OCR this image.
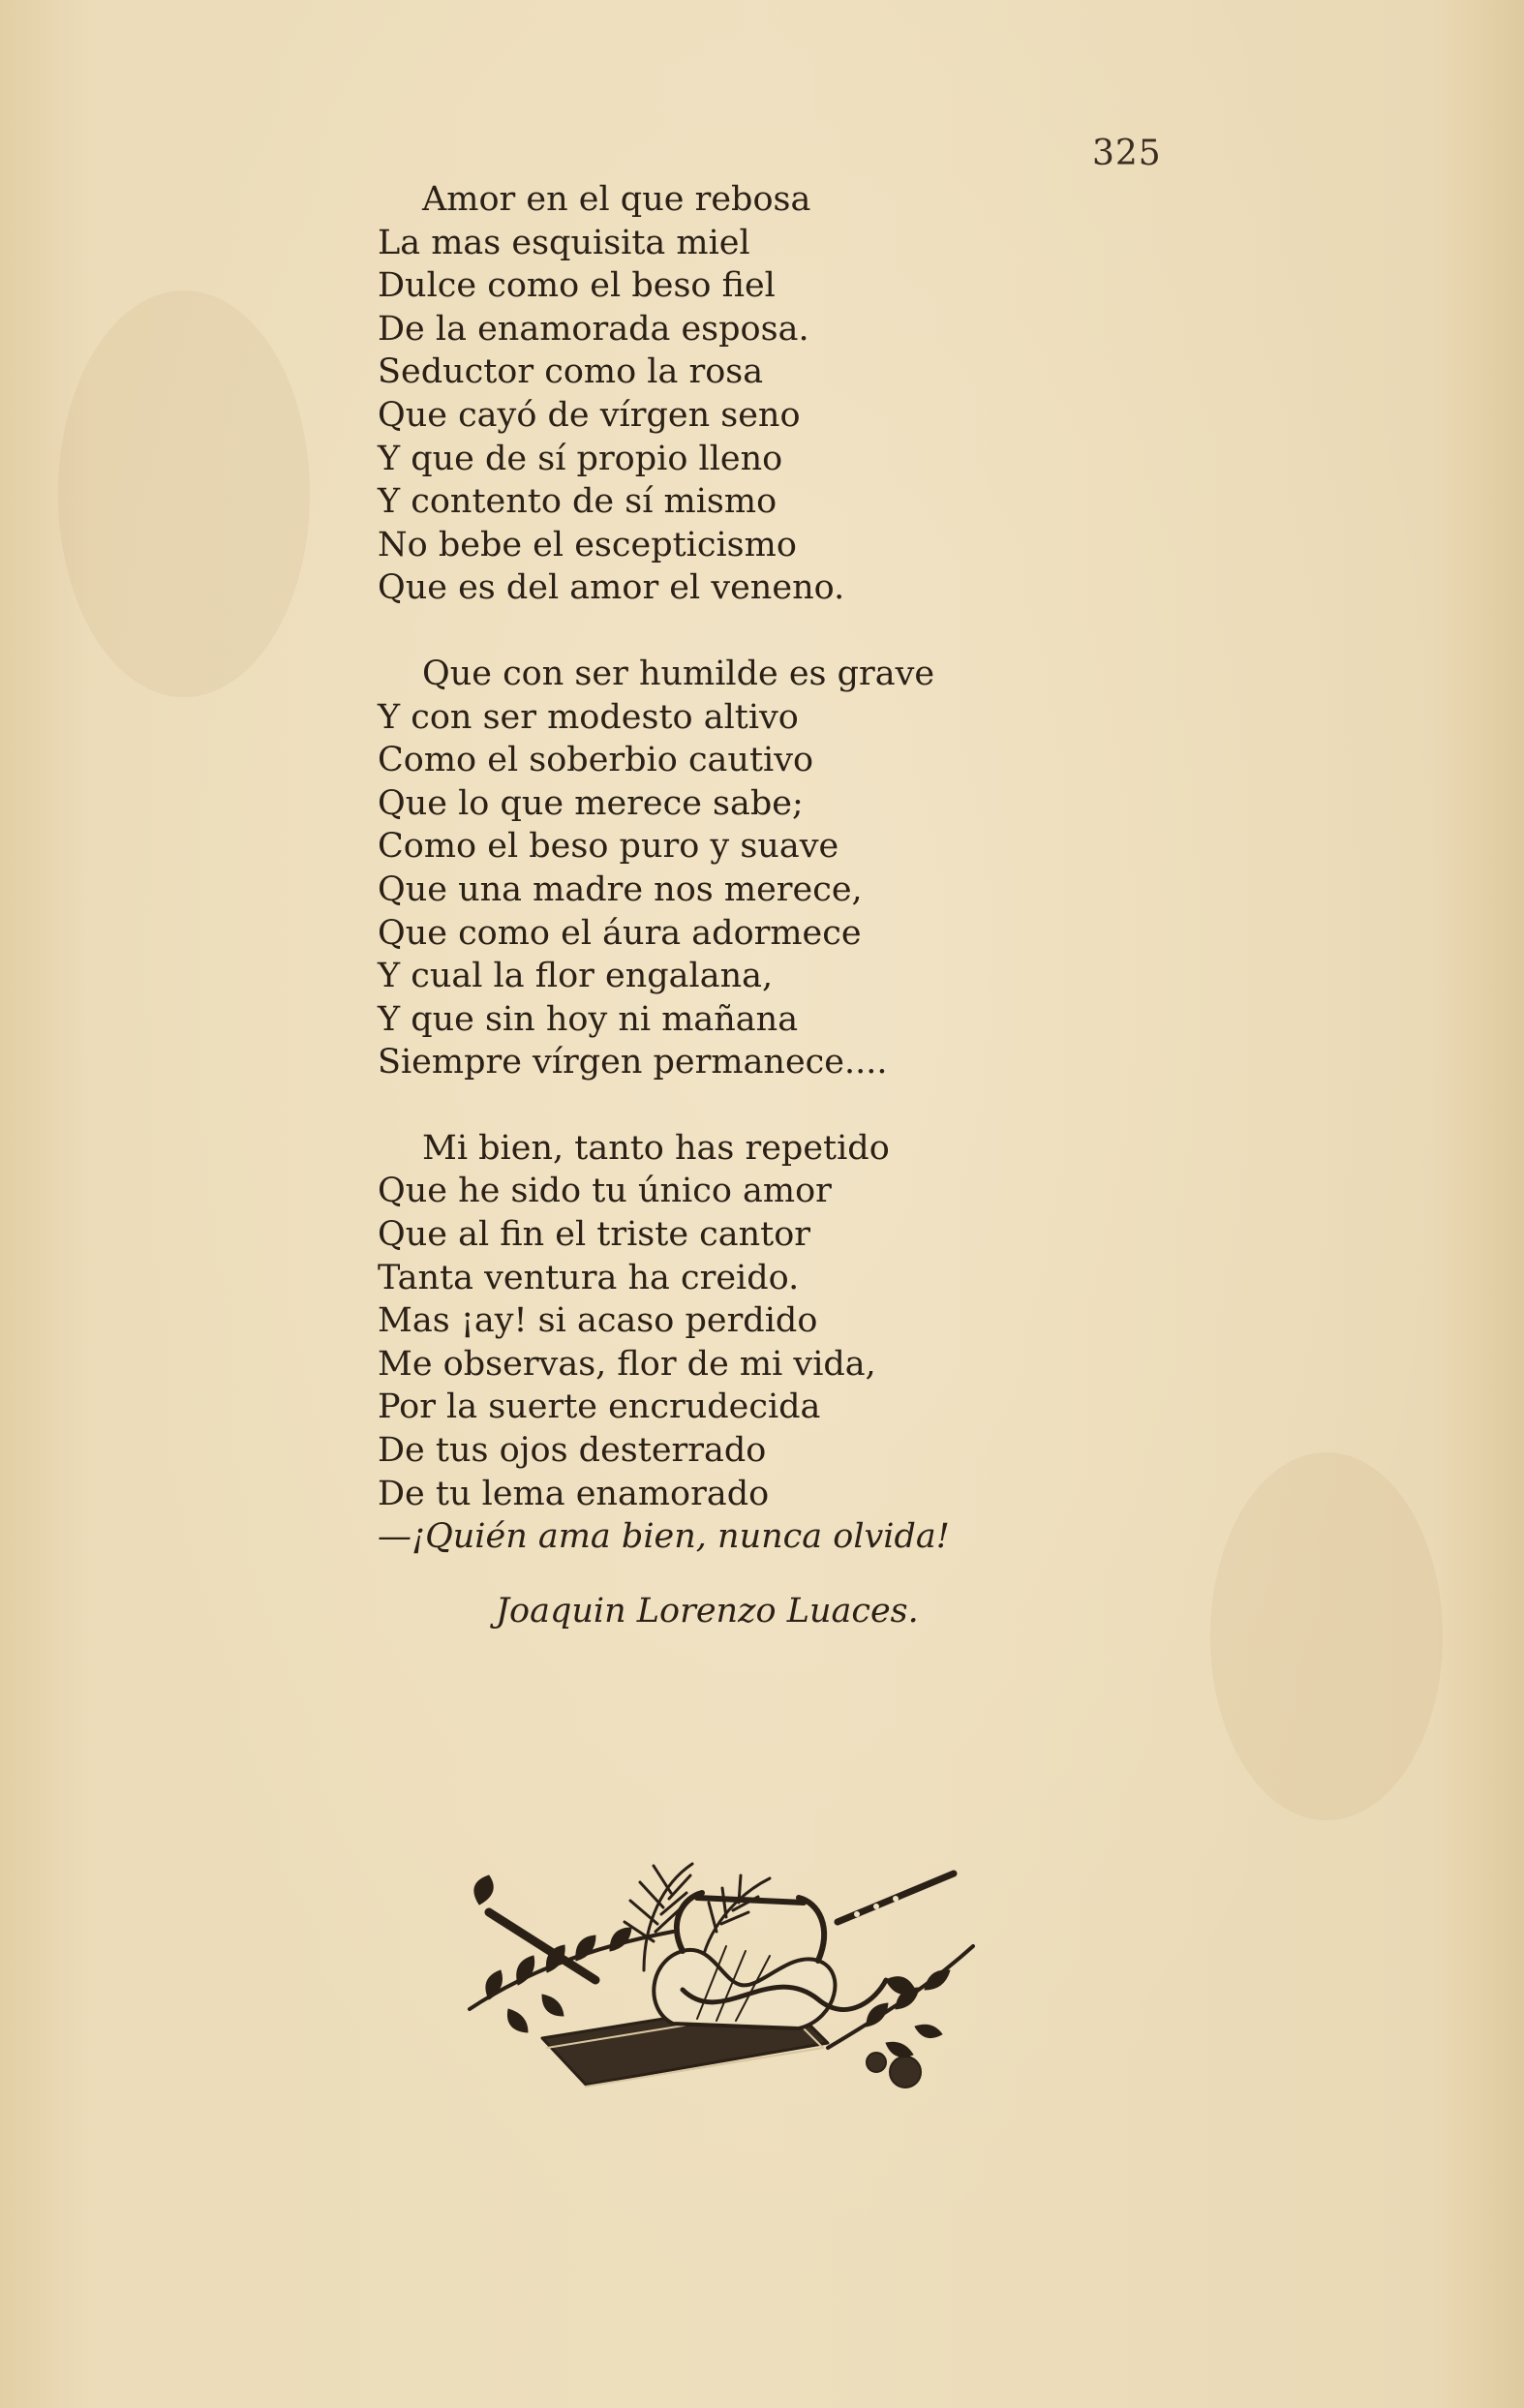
325
Amor en el que rebosa
La mas esquisita miel
Dulce como el beso fiel
De la enamorada esposa.
Seductor como la rosa
Que cayó de vírgen seno
Y que de sí propio lleno
Y contento de sí mismo
No bebe el escepticismo
Que es del amor el veneno.
Que con ser humilde es grave
Y con ser modesto altivo
Como el soberbio cautivo
Que lo que merece sabe;
Como el beso puro y suave
Que una madre nos merece,
Que como el áura adormece
Y cual la flor engalana,
Y que sin hoy ni mañana
Siempre vírgen permanece....
Mi bien, tanto has repetido
Que he sido tu único amor
Que al fin el triste cantor
Tanta ventura ha creido.
Mas ¡ay! si acaso perdido
Me observas, flor de mi vida,
Por la suerte encrudecida
De tus ojos desterrado
De tu lema enamorado
—¡Quién ama bien, nunca olvida!
Joaquin Lorenzo Luaces.
